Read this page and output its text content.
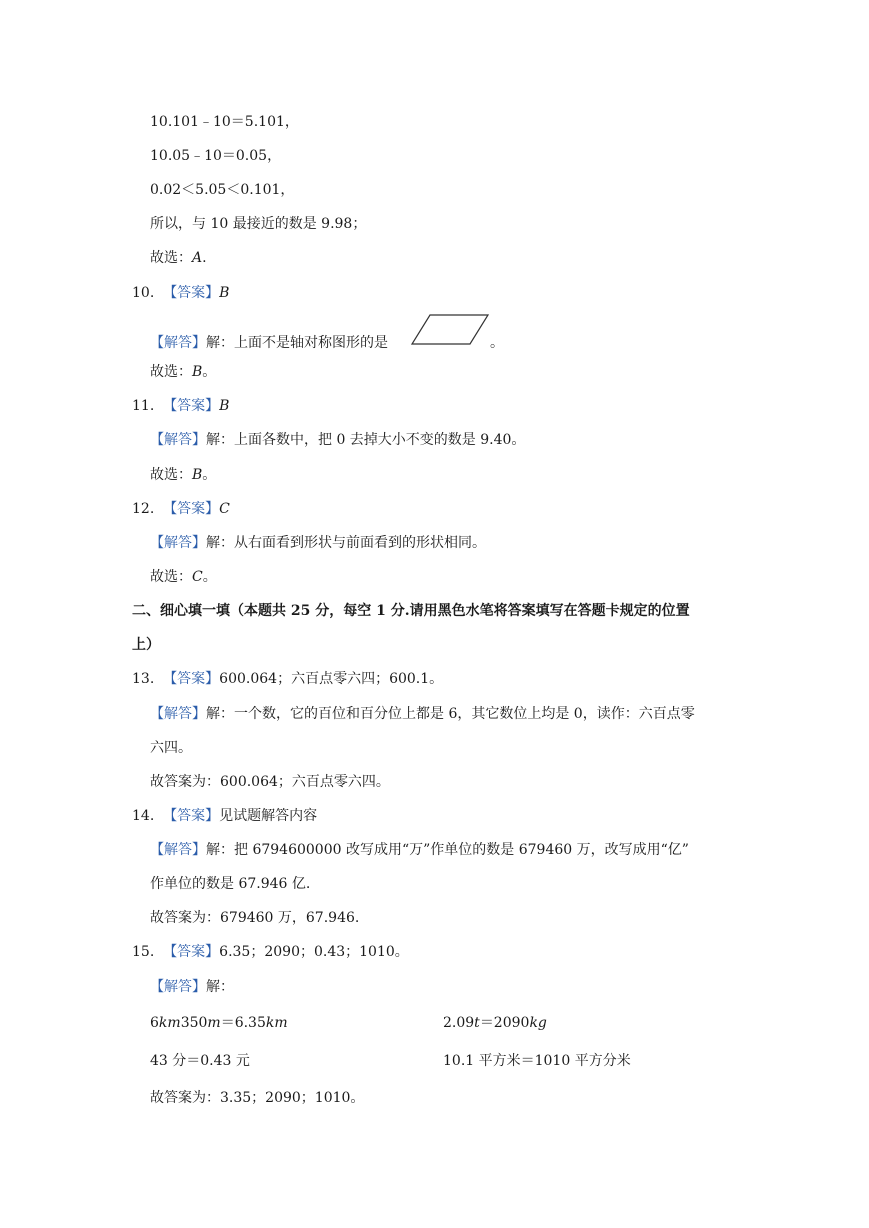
10.101﹣10＝5.101，
10.05﹣10＝0.05，
0.02＜5.05＜0.101，
所以，与 10 最接近的数是 9.98；
故选：A.
10. 【答案】B
【解答】解：上面不是轴对称图形的是	。
故选：B。
11. 【答案】B
【解答】解：上面各数中，把 0 去掉大小不变的数是 9.40。
故选：B。
12. 【答案】C
【解答】解：从右面看到形状与前面看到的形状相同。
故选：C。
二、细心填一填（本题共 25 分，每空 1 分.请用黑色水笔将答案填写在答题卡规定的位置
上）
13. 【答案】600.064；六百点零六四；600.1。
【解答】解：一个数，它的百位和百分位上都是 6，其它数位上均是 0，读作：六百点零
六四。
故答案为：600.064；六百点零六四。
14. 【答案】见试题解答内容
【解答】解：把 6794600000 改写成用“万”作单位的数是 679460 万，改写成用“亿”
作单位的数是 67.946 亿.
故答案为：679460 万，67.946.
15. 【答案】6.35；2090；0.43；1010。
【解答】解：
6km350m＝6.35km	2.09t＝2090kg
43 分＝0.43 元	10.1 平方米＝1010 平方分米
故答案为：3.35；2090；1010。
